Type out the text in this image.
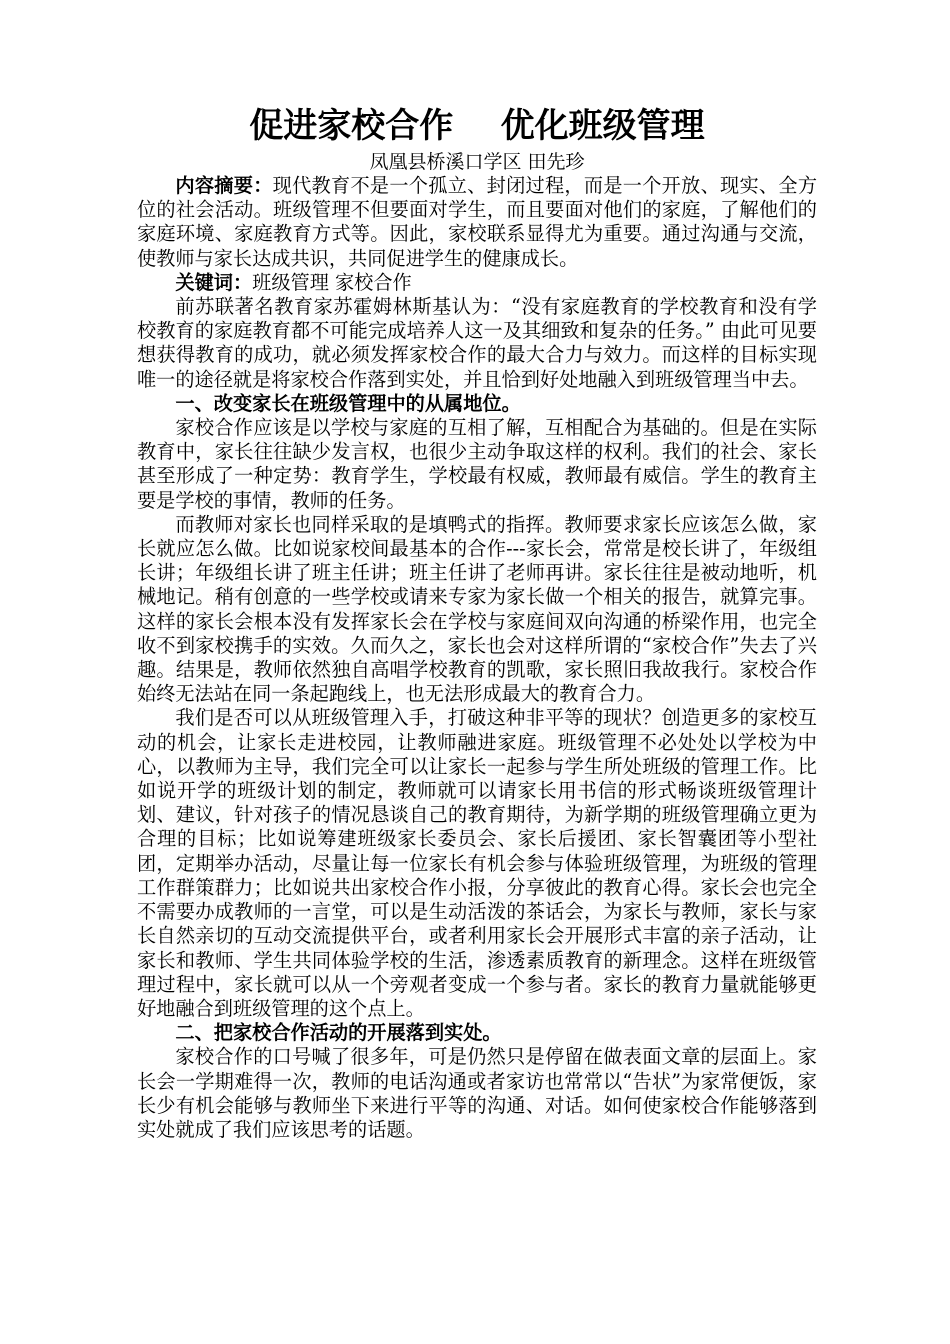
促进家校合作    优化班级管理

凤凰县桥溪口学区 田先珍

内容摘要：现代教育不是一个孤立、封闭过程，而是一个开放、现实、全方位的社会活动。班级管理不但要面对学生，而且要面对他们的家庭，了解他们的家庭环境、家庭教育方式等。因此，家校联系显得尤为重要。通过沟通与交流，使教师与家长达成共识，共同促进学生的健康成长。

关键词：班级管理 家校合作

前苏联著名教育家苏霍姆林斯基认为：“没有家庭教育的学校教育和没有学校教育的家庭教育都不可能完成培养人这一及其细致和复杂的任务。” 由此可见要想获得教育的成功，就必须发挥家校合作的最大合力与效力。而这样的目标实现唯一的途径就是将家校合作落到实处，并且恰到好处地融入到班级管理当中去。

一、改变家长在班级管理中的从属地位。

家校合作应该是以学校与家庭的互相了解，互相配合为基础的。但是在实际教育中，家长往往缺少发言权，也很少主动争取这样的权利。我们的社会、家长甚至形成了一种定势：教育学生，学校最有权威，教师最有威信。学生的教育主要是学校的事情，教师的任务。

而教师对家长也同样采取的是填鸭式的指挥。教师要求家长应该怎么做，家长就应怎么做。比如说家校间最基本的合作---家长会，常常是校长讲了，年级组长讲；年级组长讲了班主任讲；班主任讲了老师再讲。家长往往是被动地听，机械地记。稍有创意的一些学校或请来专家为家长做一个相关的报告，就算完事。这样的家长会根本没有发挥家长会在学校与家庭间双向沟通的桥梁作用，也完全收不到家校携手的实效。久而久之，家长也会对这样所谓的“家校合作”失去了兴趣。结果是，教师依然独自高唱学校教育的凯歌，家长照旧我故我行。家校合作始终无法站在同一条起跑线上，也无法形成最大的教育合力。

我们是否可以从班级管理入手，打破这种非平等的现状？创造更多的家校互动的机会，让家长走进校园，让教师融进家庭。班级管理不必处处以学校为中心，以教师为主导，我们完全可以让家长一起参与学生所处班级的管理工作。比如说开学的班级计划的制定，教师就可以请家长用书信的形式畅谈班级管理计划、建议，针对孩子的情况恳谈自己的教育期待，为新学期的班级管理确立更为合理的目标；比如说筹建班级家长委员会、家长后援团、家长智囊团等小型社团，定期举办活动，尽量让每一位家长有机会参与体验班级管理，为班级的管理工作群策群力；比如说共出家校合作小报，分享彼此的教育心得。家长会也完全不需要办成教师的一言堂，可以是生动活泼的茶话会，为家长与教师，家长与家长自然亲切的互动交流提供平台，或者利用家长会开展形式丰富的亲子活动，让家长和教师、学生共同体验学校的生活，渗透素质教育的新理念。这样在班级管理过程中，家长就可以从一个旁观者变成一个参与者。家长的教育力量就能够更好地融合到班级管理的这个点上。

二、把家校合作活动的开展落到实处。

家校合作的口号喊了很多年，可是仍然只是停留在做表面文章的层面上。家长会一学期难得一次，教师的电话沟通或者家访也常常以“告状”为家常便饭，家长少有机会能够与教师坐下来进行平等的沟通、对话。如何使家校合作能够落到实处就成了我们应该思考的话题。
